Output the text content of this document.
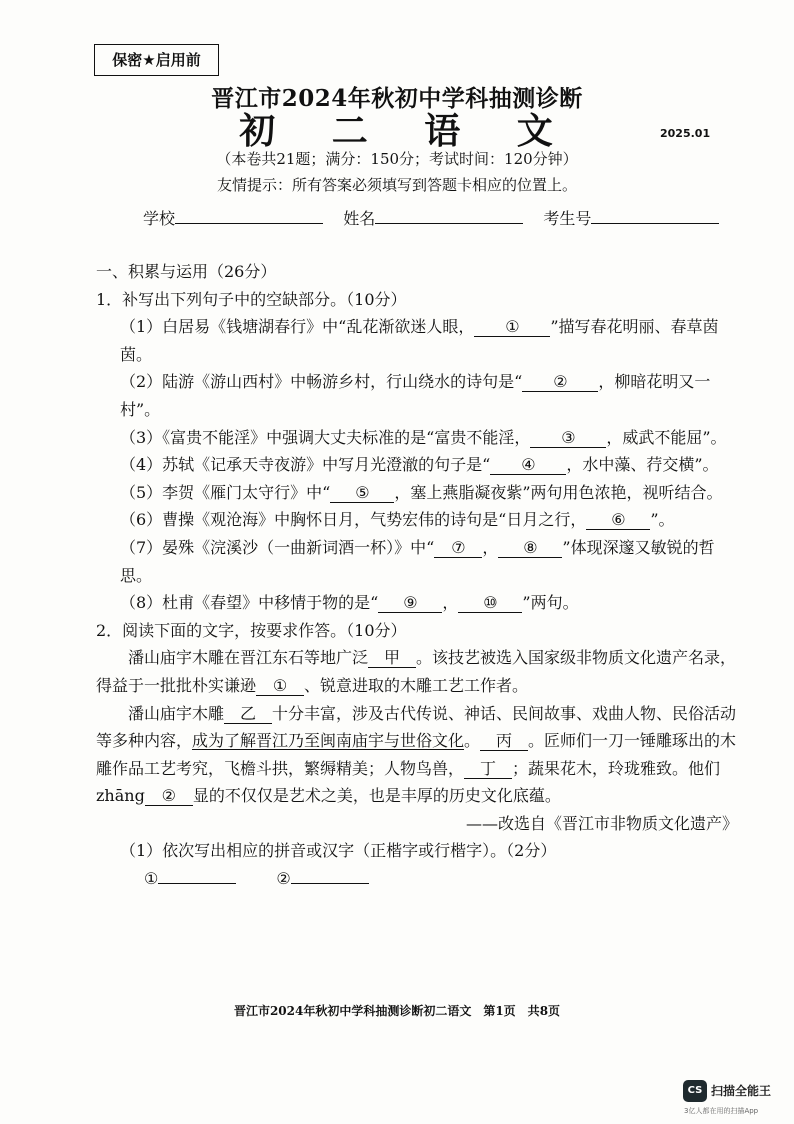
保密★启用前
晋江市2024年秋初中学科抽测诊断
初 二 语 文	2025.01
（本卷共21题；满分：150分；考试时间：120分钟）
友情提示：所有答案必须填写到答题卡相应的位置上。
学校	姓名	考生号

一、积累与运用（26分）

1．补写出下列句子中的空缺部分。（10分）

（1）白居易《钱塘湖春行》中“乱花渐欲迷人眼， ① ”描写春花明丽、春草茵茵。

（2）陆游《游山西村》中畅游乡村，行山绕水的诗句是“ ② ，柳暗花明又一村”。

（3）《富贵不能淫》中强调大丈夫标准的是“富贵不能淫， ③ ，威武不能屈”。

（4）苏轼《记承天寺夜游》中写月光澄澈的句子是“ ④ ，水中藻、荇交横”。

（5）李贺《雁门太守行》中“ ⑤ ，塞上燕脂凝夜紫”两句用色浓艳，视听结合。

（6）曹操《观沧海》中胸怀日月，气势宏伟的诗句是“日月之行， ⑥ ”。

（7）晏殊《浣溪沙（一曲新词酒一杯）》中“ ⑦ ， ⑧ ”体现深邃又敏锐的哲思。

（8）杜甫《春望》中移情于物的是“ ⑨ ， ⑩ ”两句。

2．阅读下面的文字，按要求作答。（10分）

潘山庙宇木雕在晋江东石等地广泛 甲 。该技艺被选入国家级非物质文化遗产名录，得益于一批批朴实谦逊 ① 、锐意进取的木雕工艺工作者。

潘山庙宇木雕 乙 十分丰富，涉及古代传说、神话、民间故事、戏曲人物、民俗活动等多种内容，成为了解晋江乃至闽南庙宇与世俗文化。 丙 。匠师们一刀一锤雕琢出的木雕作品工艺考究，飞檐斗拱，繁缛精美；人物鸟兽， 丁 ；蔬果花木，玲珑雅致。他们 zhāng ② 显的不仅仅是艺术之美，也是丰厚的历史文化底蕴。

——改选自《晋江市非物质文化遗产》

（1）依次写出相应的拼音或汉字（正楷字或行楷字）。（2分）

①	②

晋江市2024年秋初中学科抽测诊断初二语文　第1页　共8页
CS 扫描全能王
3亿人都在用的扫描App
